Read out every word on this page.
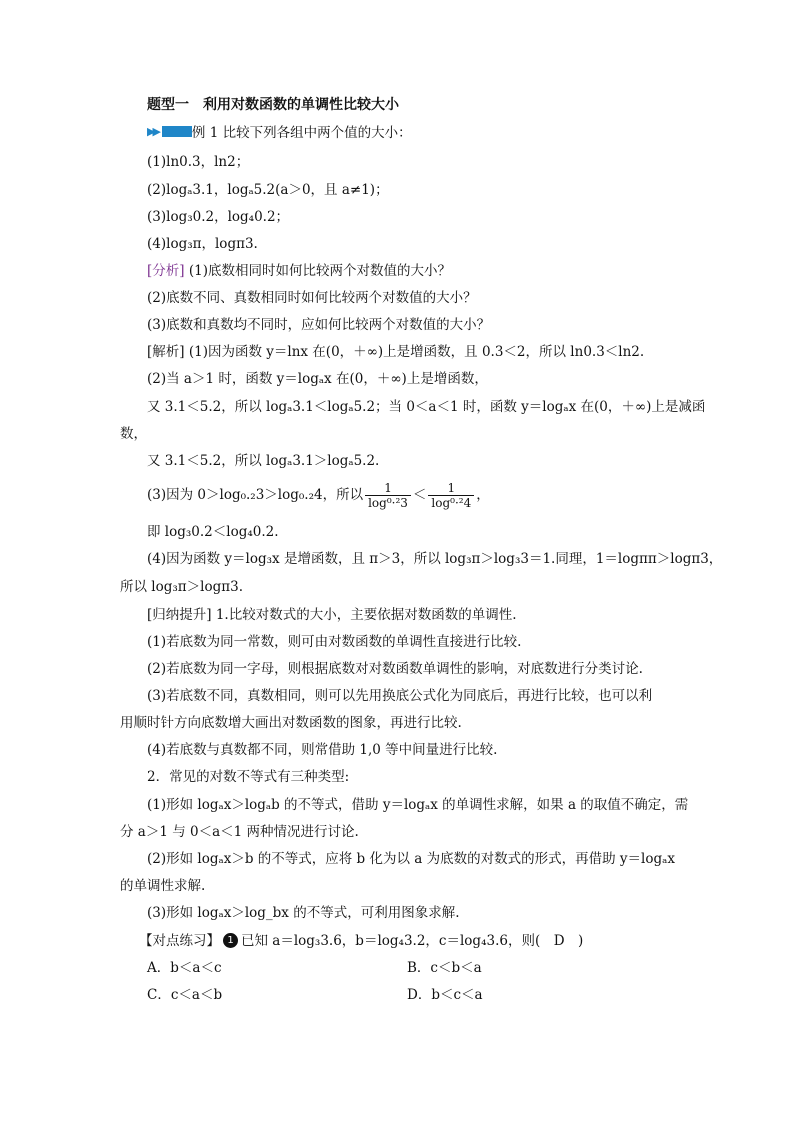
题型一　利用对数函数的单调性比较大小
▶▶	例 1 比较下列各组中两个值的大小：
(1)ln0.3，ln2；
(2)logₐ3.1，logₐ5.2(a＞0，且 a≠1)；
(3)log₃0.2，log₄0.2；
(4)log₃π，logπ3.
[分析] (1)底数相同时如何比较两个对数值的大小？
(2)底数不同、真数相同时如何比较两个对数值的大小？
(3)底数和真数均不同时，应如何比较两个对数值的大小？
[解析] (1)因为函数 y＝lnx 在(0，＋∞)上是增函数，且 0.3＜2，所以 ln0.3＜ln2.
(2)当 a＞1 时，函数 y＝logₐx 在(0，＋∞)上是增函数，
又 3.1＜5.2，所以 logₐ3.1＜logₐ5.2；当 0＜a＜1 时，函数 y＝logₐx 在(0，＋∞)上是减函
数，
又 3.1＜5.2，所以 logₐ3.1＞logₐ5.2.
(3)因为 0＞log₀.₂3＞log₀.₂4，所以 $\frac{1}{\text{log⁰·²3}} < \frac{1}{\text{log⁰·²4}}$ ，
即 log₃0.2＜log₄0.2.
(4)因为函数 y＝log₃x 是增函数，且 π＞3，所以 log₃π＞log₃3＝1.同理，1＝logππ＞logπ3，
所以 log₃π＞logπ3.
[归纳提升] 1.比较对数式的大小，主要依据对数函数的单调性.
(1)若底数为同一常数，则可由对数函数的单调性直接进行比较.
(2)若底数为同一字母，则根据底数对对数函数单调性的影响，对底数进行分类讨论.
(3)若底数不同，真数相同，则可以先用换底公式化为同底后，再进行比较，也可以利
用顺时针方向底数增大画出对数函数的图象，再进行比较.
(4)若底数与真数都不同，则常借助 1,0 等中间量进行比较.
2．常见的对数不等式有三种类型:
(1)形如 logₐx＞logₐb 的不等式，借助 y＝logₐx 的单调性求解，如果 a 的取值不确定，需
分 a＞1 与 0＜a＜1 两种情况进行讨论.
(2)形如 logₐx＞b 的不等式，应将 b 化为以 a 为底数的对数式的形式，再借助 y＝logₐx
的单调性求解.
(3)形如 logₐx＞log_bx 的不等式，可利用图象求解.
【对点练习】 1 已知 a＝log₃3.6，b＝log₄3.2，c＝log₄3.6，则(　D　)
A．b＜a＜c	B．c＜b＜a
C．c＜a＜b	D．b＜c＜a
